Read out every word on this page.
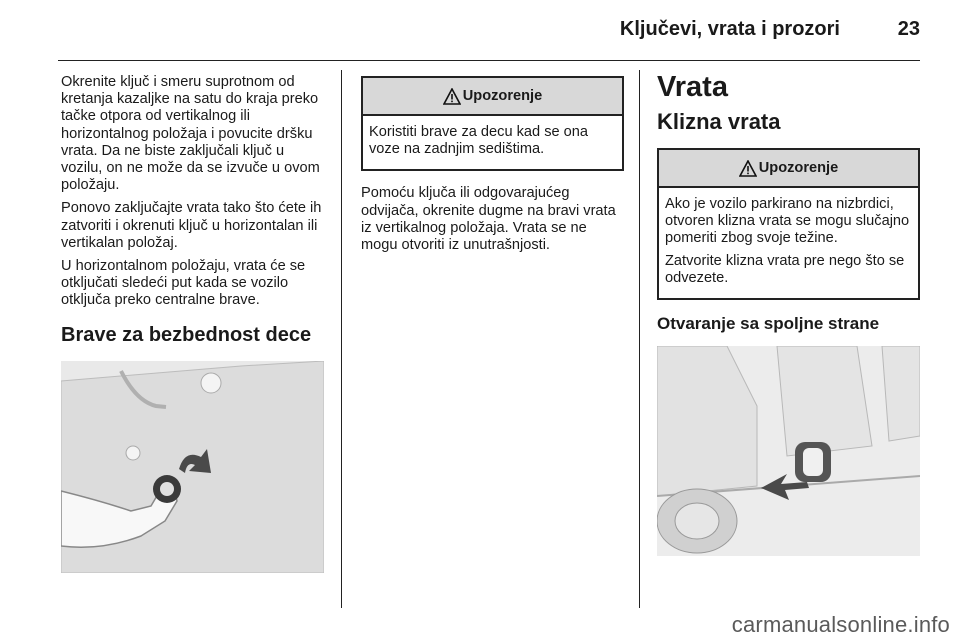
Ključevi, vrata i prozori	23

Okrenite ključ i smeru suprotnom od kretanja kazaljke na satu do kraja preko tačke otpora od vertikalnog ili horizontalnog položaja i povucite dršku vrata. Da ne biste zaključali ključ u vozilu, on ne može da se izvuče u ovom položaju.

Ponovo zaključajte vrata tako što ćete ih zatvoriti i okrenuti ključ u horizontalan ili vertikalan položaj.

U horizontalnom položaju, vrata će se otključati sledeći put kada se vozilo otključa preko centralne brave.

Brave za bezbednost dece
Upozorenje

Koristiti brave za decu kad se ona voze na zadnjim sedištima.

Pomoću ključa ili odgovarajućeg odvijača, okrenite dugme na bravi vrata iz vertikalnog položaja. Vrata se ne mogu otvoriti iz unutrašnjosti.

Vrata
Klizna vrata
Upozorenje

Ako je vozilo parkirano na nizbrdici, otvoren klizna vrata se mogu slučajno pomeriti zbog svoje težine.

Zatvorite klizna vrata pre nego što se odvezete.

Otvaranje sa spoljne strane
carmanualsonline.info
